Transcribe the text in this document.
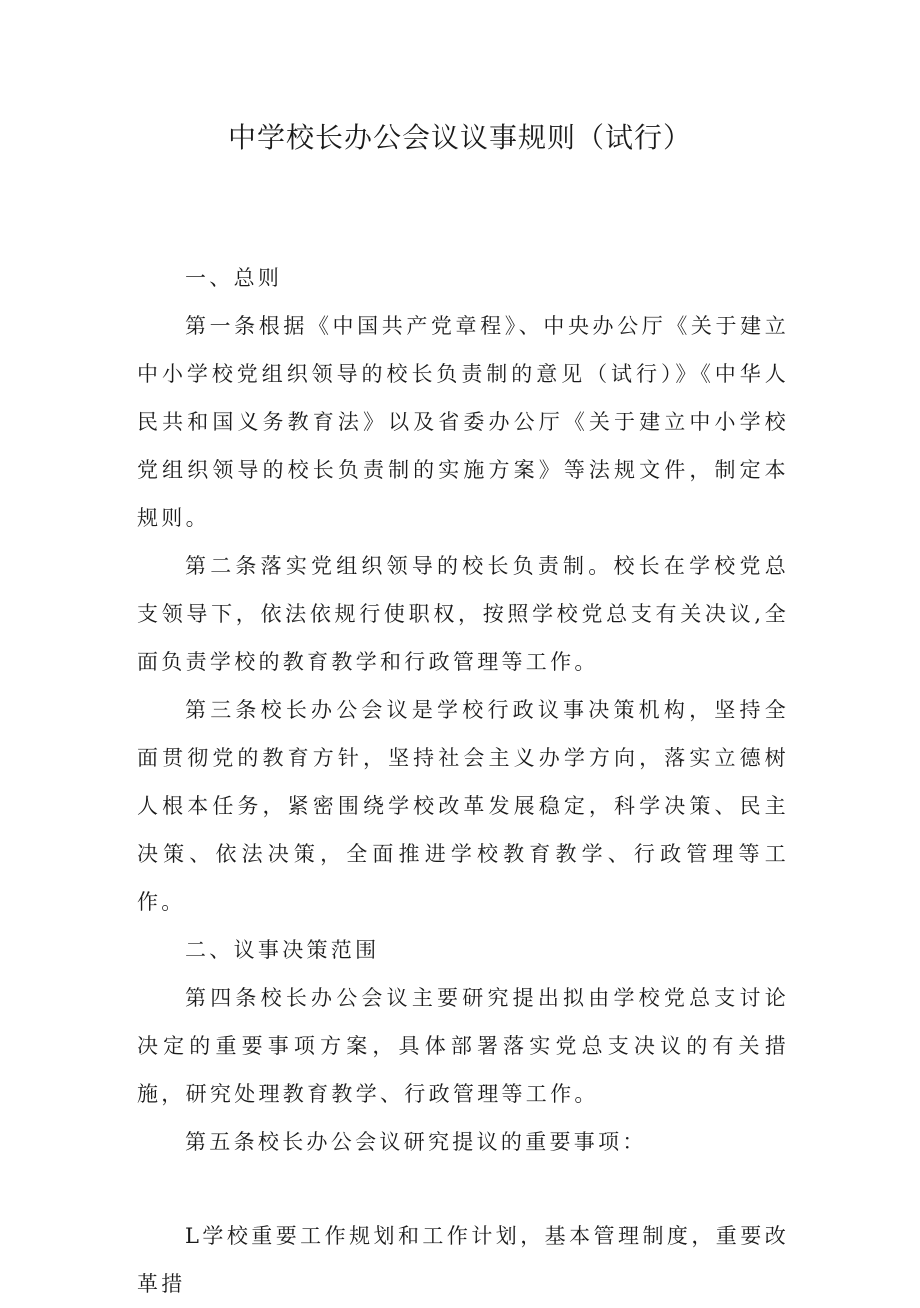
中学校长办公会议议事规则（试行）

一、总则

第一条根据《中国共产党章程》、中央办公厅《关于建立中小学校党组织领导的校长负责制的意见（试行）》《中华人民共和国义务教育法》以及省委办公厅《关于建立中小学校党组织领导的校长负责制的实施方案》等法规文件，制定本规则。

第二条落实党组织领导的校长负责制。校长在学校党总支领导下，依法依规行使职权，按照学校党总支有关决议,全面负责学校的教育教学和行政管理等工作。

第三条校长办公会议是学校行政议事决策机构，坚持全面贯彻党的教育方针，坚持社会主义办学方向，落实立德树人根本任务，紧密围绕学校改革发展稳定，科学决策、民主决策、依法决策，全面推进学校教育教学、行政管理等工作。

二、议事决策范围

第四条校长办公会议主要研究提出拟由学校党总支讨论决定的重要事项方案，具体部署落实党总支决议的有关措施，研究处理教育教学、行政管理等工作。

第五条校长办公会议研究提议的重要事项：

L学校重要工作规划和工作计划，基本管理制度，重要改革措
